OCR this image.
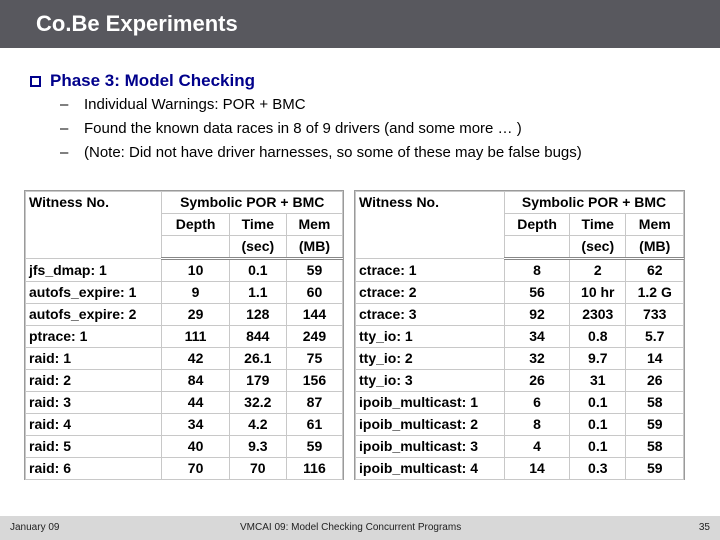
Co.Be Experiments
Phase 3: Model Checking
– Individual Warnings: POR + BMC
– Found the known data races in 8 of 9 drivers (and some more … )
– (Note: Did not have driver harnesses, so some of these may be false bugs)
Witness No.	Symbolic POR + BMC		
	Depth	Time	Mem
		(sec)	(MB)
jfs_dmap: 1	10	0.1	59
autofs_expire: 1	9	1.1	60
autofs_expire: 2	29	128	144
ptrace: 1	111	844	249
raid: 1	42	26.1	75
raid: 2	84	179	156
raid: 3	44	32.2	87
raid: 4	34	4.2	61
raid: 5	40	9.3	59
raid: 6	70	70	116
Witness No.	Symbolic POR + BMC		
	Depth	Time	Mem
		(sec)	(MB)
ctrace: 1	8	2	62
ctrace: 2	56	10 hr	1.2 G
ctrace: 3	92	2303	733
tty_io: 1	34	0.8	5.7
tty_io: 2	32	9.7	14
tty_io: 3	26	31	26
ipoib_multicast: 1	6	0.1	58
ipoib_multicast: 2	8	0.1	59
ipoib_multicast: 3	4	0.1	58
ipoib_multicast: 4	14	0.3	59
January 09	VMCAI 09: Model Checking Concurrent Programs	35
